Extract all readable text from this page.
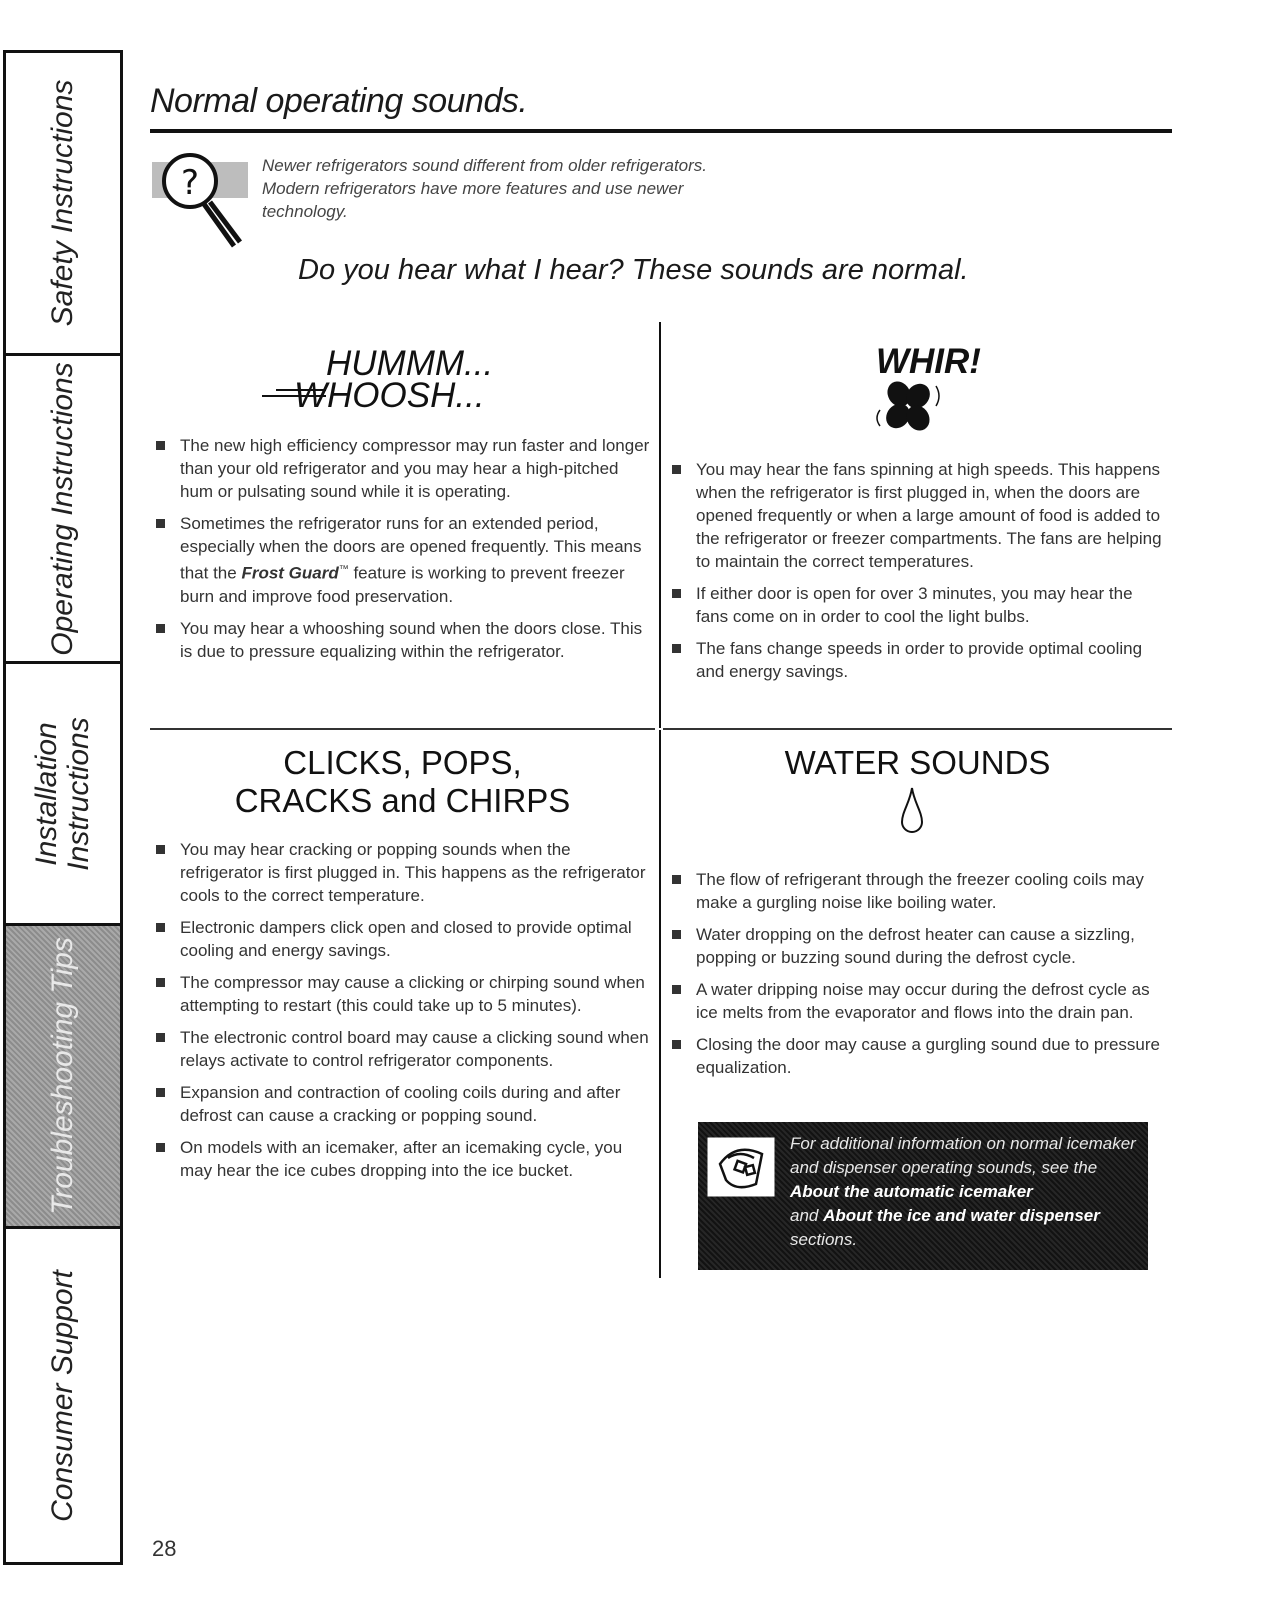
Safety Instructions
Operating Instructions
Installation Instructions
Troubleshooting Tips
Consumer Support
Normal operating sounds.
?	Newer refrigerators sound different from older refrigerators. Modern refrigerators have more features and use newer technology.
Do you hear what I hear? These sounds are normal.
HUMMM...
WHOOSH...
The new high efficiency compressor may run faster and longer than your old refrigerator and you may hear a high-pitched hum or pulsating sound while it is operating.
Sometimes the refrigerator runs for an extended period, especially when the doors are opened frequently. This means that the Frost Guard™ feature is working to prevent freezer burn and improve food preservation.
You may hear a whooshing sound when the doors close. This is due to pressure equalizing within the refrigerator.
WHIR!
You may hear the fans spinning at high speeds. This happens when the refrigerator is first plugged in, when the doors are opened frequently or when a large amount of food is added to the refrigerator or freezer compartments. The fans are helping to maintain the correct temperatures.
If either door is open for over 3 minutes, you may hear the fans come on in order to cool the light bulbs.
The fans change speeds in order to provide optimal cooling and energy savings.
CLICKS, POPS,
CRACKS and CHIRPS
You may hear cracking or popping sounds when the refrigerator is first plugged in. This happens as the refrigerator cools to the correct temperature.
Electronic dampers click open and closed to provide optimal cooling and energy savings.
The compressor may cause a clicking or chirping sound when attempting to restart (this could take up to 5 minutes).
The electronic control board may cause a clicking sound when relays activate to control refrigerator components.
Expansion and contraction of cooling coils during and after defrost can cause a cracking or popping sound.
On models with an icemaker, after an icemaking cycle, you may hear the ice cubes dropping into the ice bucket.
WATER SOUNDS
The flow of refrigerant through the freezer cooling coils may make a gurgling noise like boiling water.
Water dropping on the defrost heater can cause a sizzling, popping or buzzing sound during the defrost cycle.
A water dripping noise may occur during the defrost cycle as ice melts from the evaporator and flows into the drain pan.
Closing the door may cause a gurgling sound due to pressure equalization.
For additional information on normal icemaker and dispenser operating sounds, see the About the automatic icemaker
and About the ice and water dispenser
sections.
28
